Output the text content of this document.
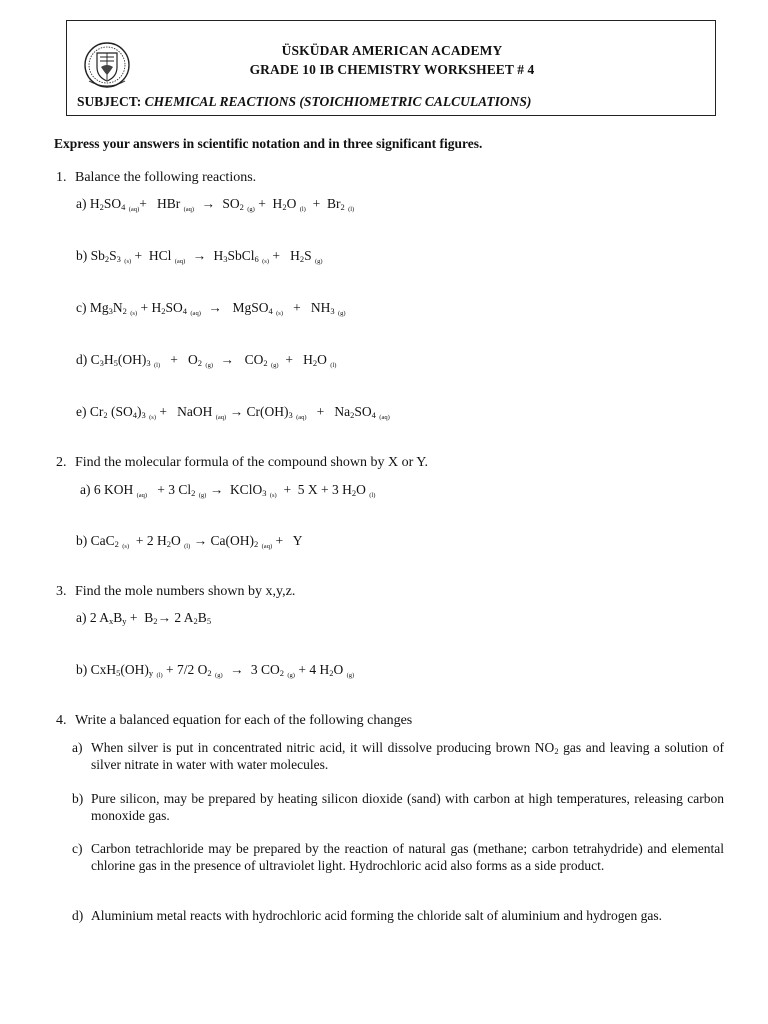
ÜSKÜDAR AMERICAN ACADEMY
GRADE 10 IB CHEMISTRY WORKSHEET # 4
SUBJECT: CHEMICAL REACTIONS (STOICHIOMETRIC CALCULATIONS)
Express your answers in scientific notation and in three significant figures.
1. Balance the following reactions.
a) $H_2SO_4$ $_{(aq)}$+   HBr $_{(aq)} \to SO_2$ $_{(g)} + H_2O$ $_{(l)} + Br_2$ $_{(l)}$
b) $Sb_2S_3$ $_{(s)}$ +  HCl $_{(aq)} \to H_3SbCl_6$ $_{(s)} + H_2S$ $_{(g)}$
c) $Mg_3N_2$ $_{(s)} + H_2SO_4$ $_{(aq)}$ →  MgSO$_4$ $_{(s)} + NH_3$ $_{(g)}$
d) $C_3H_5(OH)_3$ $_{(l)} + O_2$ $_{(g)} \to CO_2$ $_{(g)} + H_2O$ $_{(l)}$
e) $Cr_2$ $(SO_4)_3$ $_{(s)}$ +   NaOH $_{(aq)} \to Cr(OH)_3$ $_{(aq)} + Na_2SO_4$ $_{(aq)}$
2. Find the molecular formula of the compound shown by X or Y.
a) 6 KOH $_{(aq)}$   + 3 $Cl_2$ $_{(g)}$ →  KClO$_3$ $_{(s)}$  +  5 X + 3 $H_2O$ $_{(l)}$
b) CaC$_2$ $_{(s)}$  + 2 $H_2O$ $_{(l)} \to Ca(OH)_2$ $_{(aq)}$ +   Y
3. Find the mole numbers shown by x,y,z.
a) 2 $A_xB_y + B_2\to 2$ $A_2B_5$
b) $CxH_5(OH)_y$ $_{(l)}$ + 7/2 $O_2$ $_{(g)}$ → 3 $CO_2$ $_{(g)}$ + 4 $H_2O$ $_{(g)}$
4. Write a balanced equation for each of the following changes
a) When silver is put in concentrated nitric acid, it will dissolve producing brown $NO_2$ gas and leaving a solution of silver nitrate in water with water molecules.
b) Pure silicon, may be prepared by heating silicon dioxide (sand) with carbon at high temperatures, releasing carbon monoxide gas.
c) Carbon tetrachloride may be prepared by the reaction of natural gas (methane; carbon tetrahydride) and elemental chlorine gas in the presence of ultraviolet light. Hydrochloric acid also forms as a side product.
d) Aluminium metal reacts with hydrochloric acid forming the chloride salt of aluminium and hydrogen gas.
